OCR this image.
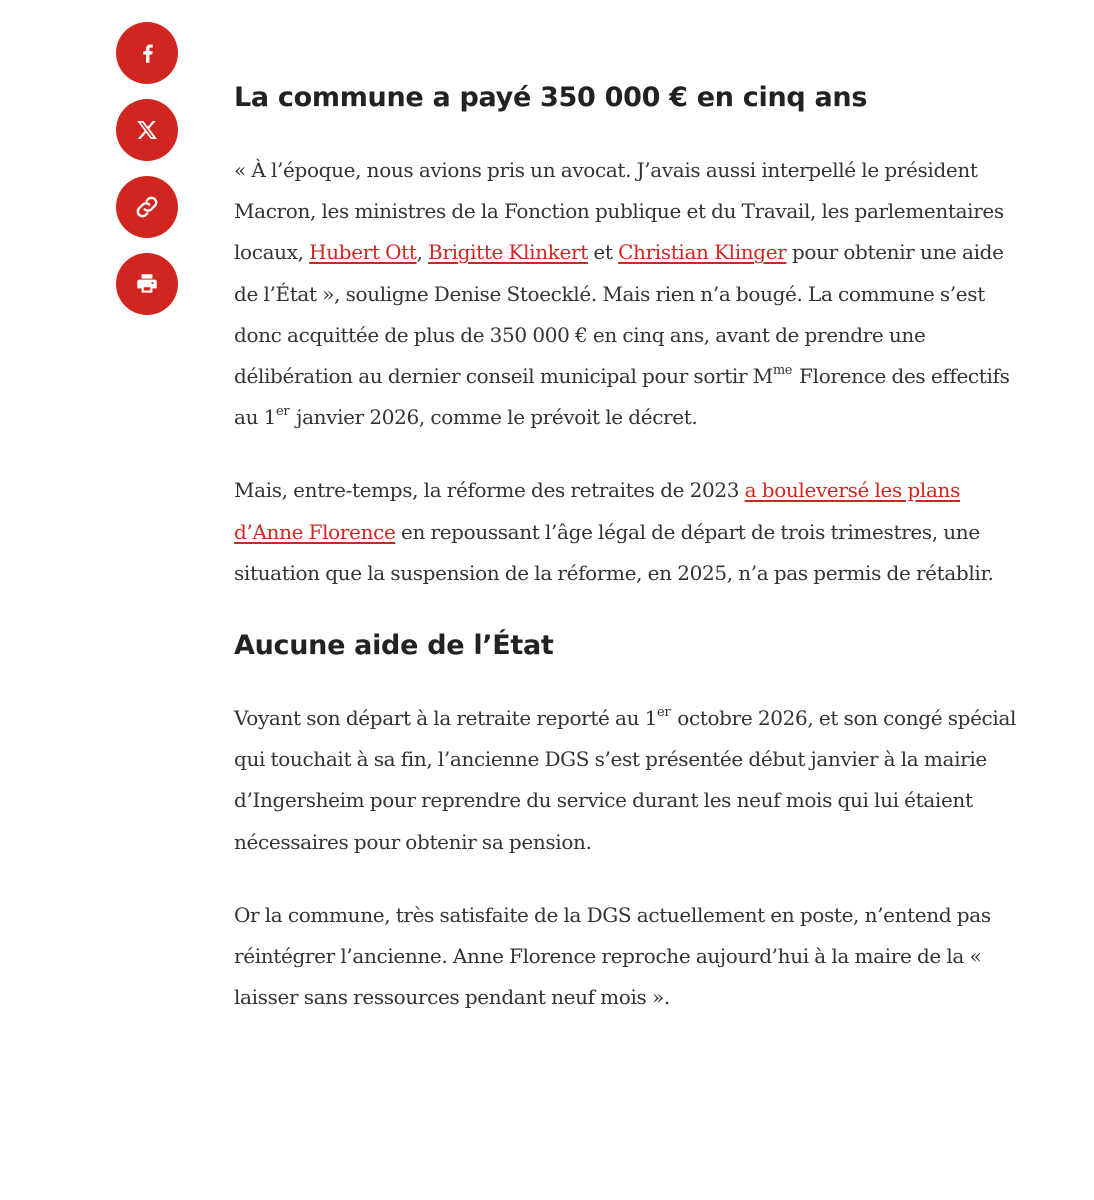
La commune a payé 350 000 € en cinq ans

« À l’époque, nous avions pris un avocat. J’avais aussi interpellé le président Macron, les ministres de la Fonction publique et du Travail, les parlementaires locaux, Hubert Ott, Brigitte Klinkert et Christian Klinger pour obtenir une aide de l’État », souligne Denise Stoecklé. Mais rien n’a bougé. La commune s’est donc acquittée de plus de 350 000 € en cinq ans, avant de prendre une délibération au dernier conseil municipal pour sortir $M^{me}$ Florence des effectifs au 1er janvier 2026, comme le prévoit le décret.

Mais, entre-temps, la réforme des retraites de 2023 a bouleversé les plans d’Anne Florence en repoussant l’âge légal de départ de trois trimestres, une situation que la suspension de la réforme, en 2025, n’a pas permis de rétablir.

Aucune aide de l’État

Voyant son départ à la retraite reporté au 1er octobre 2026, et son congé spécial qui touchait à sa fin, l’ancienne DGS s’est présentée début janvier à la mairie d’Ingersheim pour reprendre du service durant les neuf mois qui lui étaient nécessaires pour obtenir sa pension.

Or la commune, très satisfaite de la DGS actuellement en poste, n’entend pas réintégrer l’ancienne. Anne Florence reproche aujourd’hui à la maire de la « laisser sans ressources pendant neuf mois ».
